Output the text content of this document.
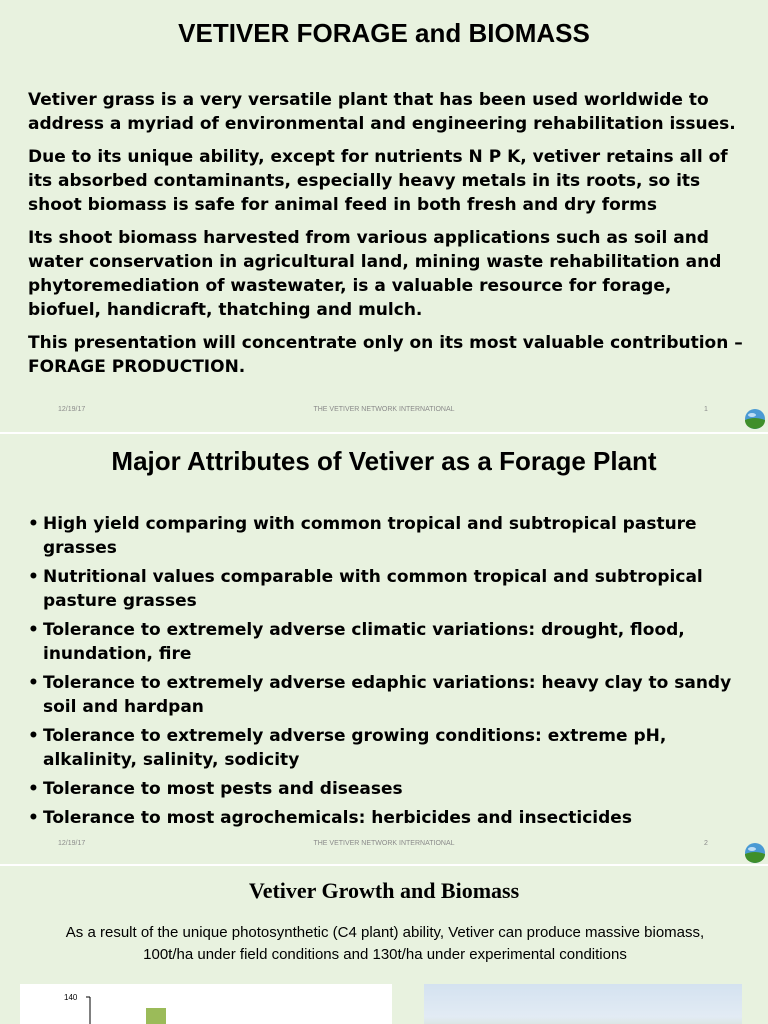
VETIVER FORAGE and BIOMASS

Vetiver grass is a very versatile plant that has been used worldwide to address a myriad of environmental and engineering rehabilitation issues.

Due to its unique ability, except for nutrients N P K, vetiver retains all of its absorbed contaminants, especially heavy metals in its roots, so its shoot biomass is safe for animal feed in both fresh and dry forms

Its shoot biomass harvested from various applications such as soil and water conservation in agricultural land, mining waste rehabilitation and phytoremediation of wastewater, is a valuable resource for forage, biofuel, handicraft, thatching and mulch.

This presentation will concentrate only on its most valuable contribution – FORAGE PRODUCTION.

12/19/17	THE VETIVER NETWORK INTERNATIONAL	1
Major Attributes of Vetiver as a Forage Plant
• High yield comparing with common tropical and subtropical pasture grasses
• Nutritional values comparable with common tropical and subtropical pasture grasses
• Tolerance to extremely adverse climatic variations: drought, flood, inundation, fire
• Tolerance to extremely adverse edaphic variations: heavy clay to sandy soil and hardpan
• Tolerance to extremely adverse growing conditions: extreme pH, alkalinity, salinity, sodicity
• Tolerance to most pests and diseases
• Tolerance to most agrochemicals: herbicides and insecticides
12/19/17	THE VETIVER NETWORK INTERNATIONAL	2
Vetiver Growth and Biomass
As a result of the unique photosynthetic (C4 plant) ability, Vetiver can produce massive biomass, 100t/ha under field conditions and 130t/ha under experimental conditions
140
